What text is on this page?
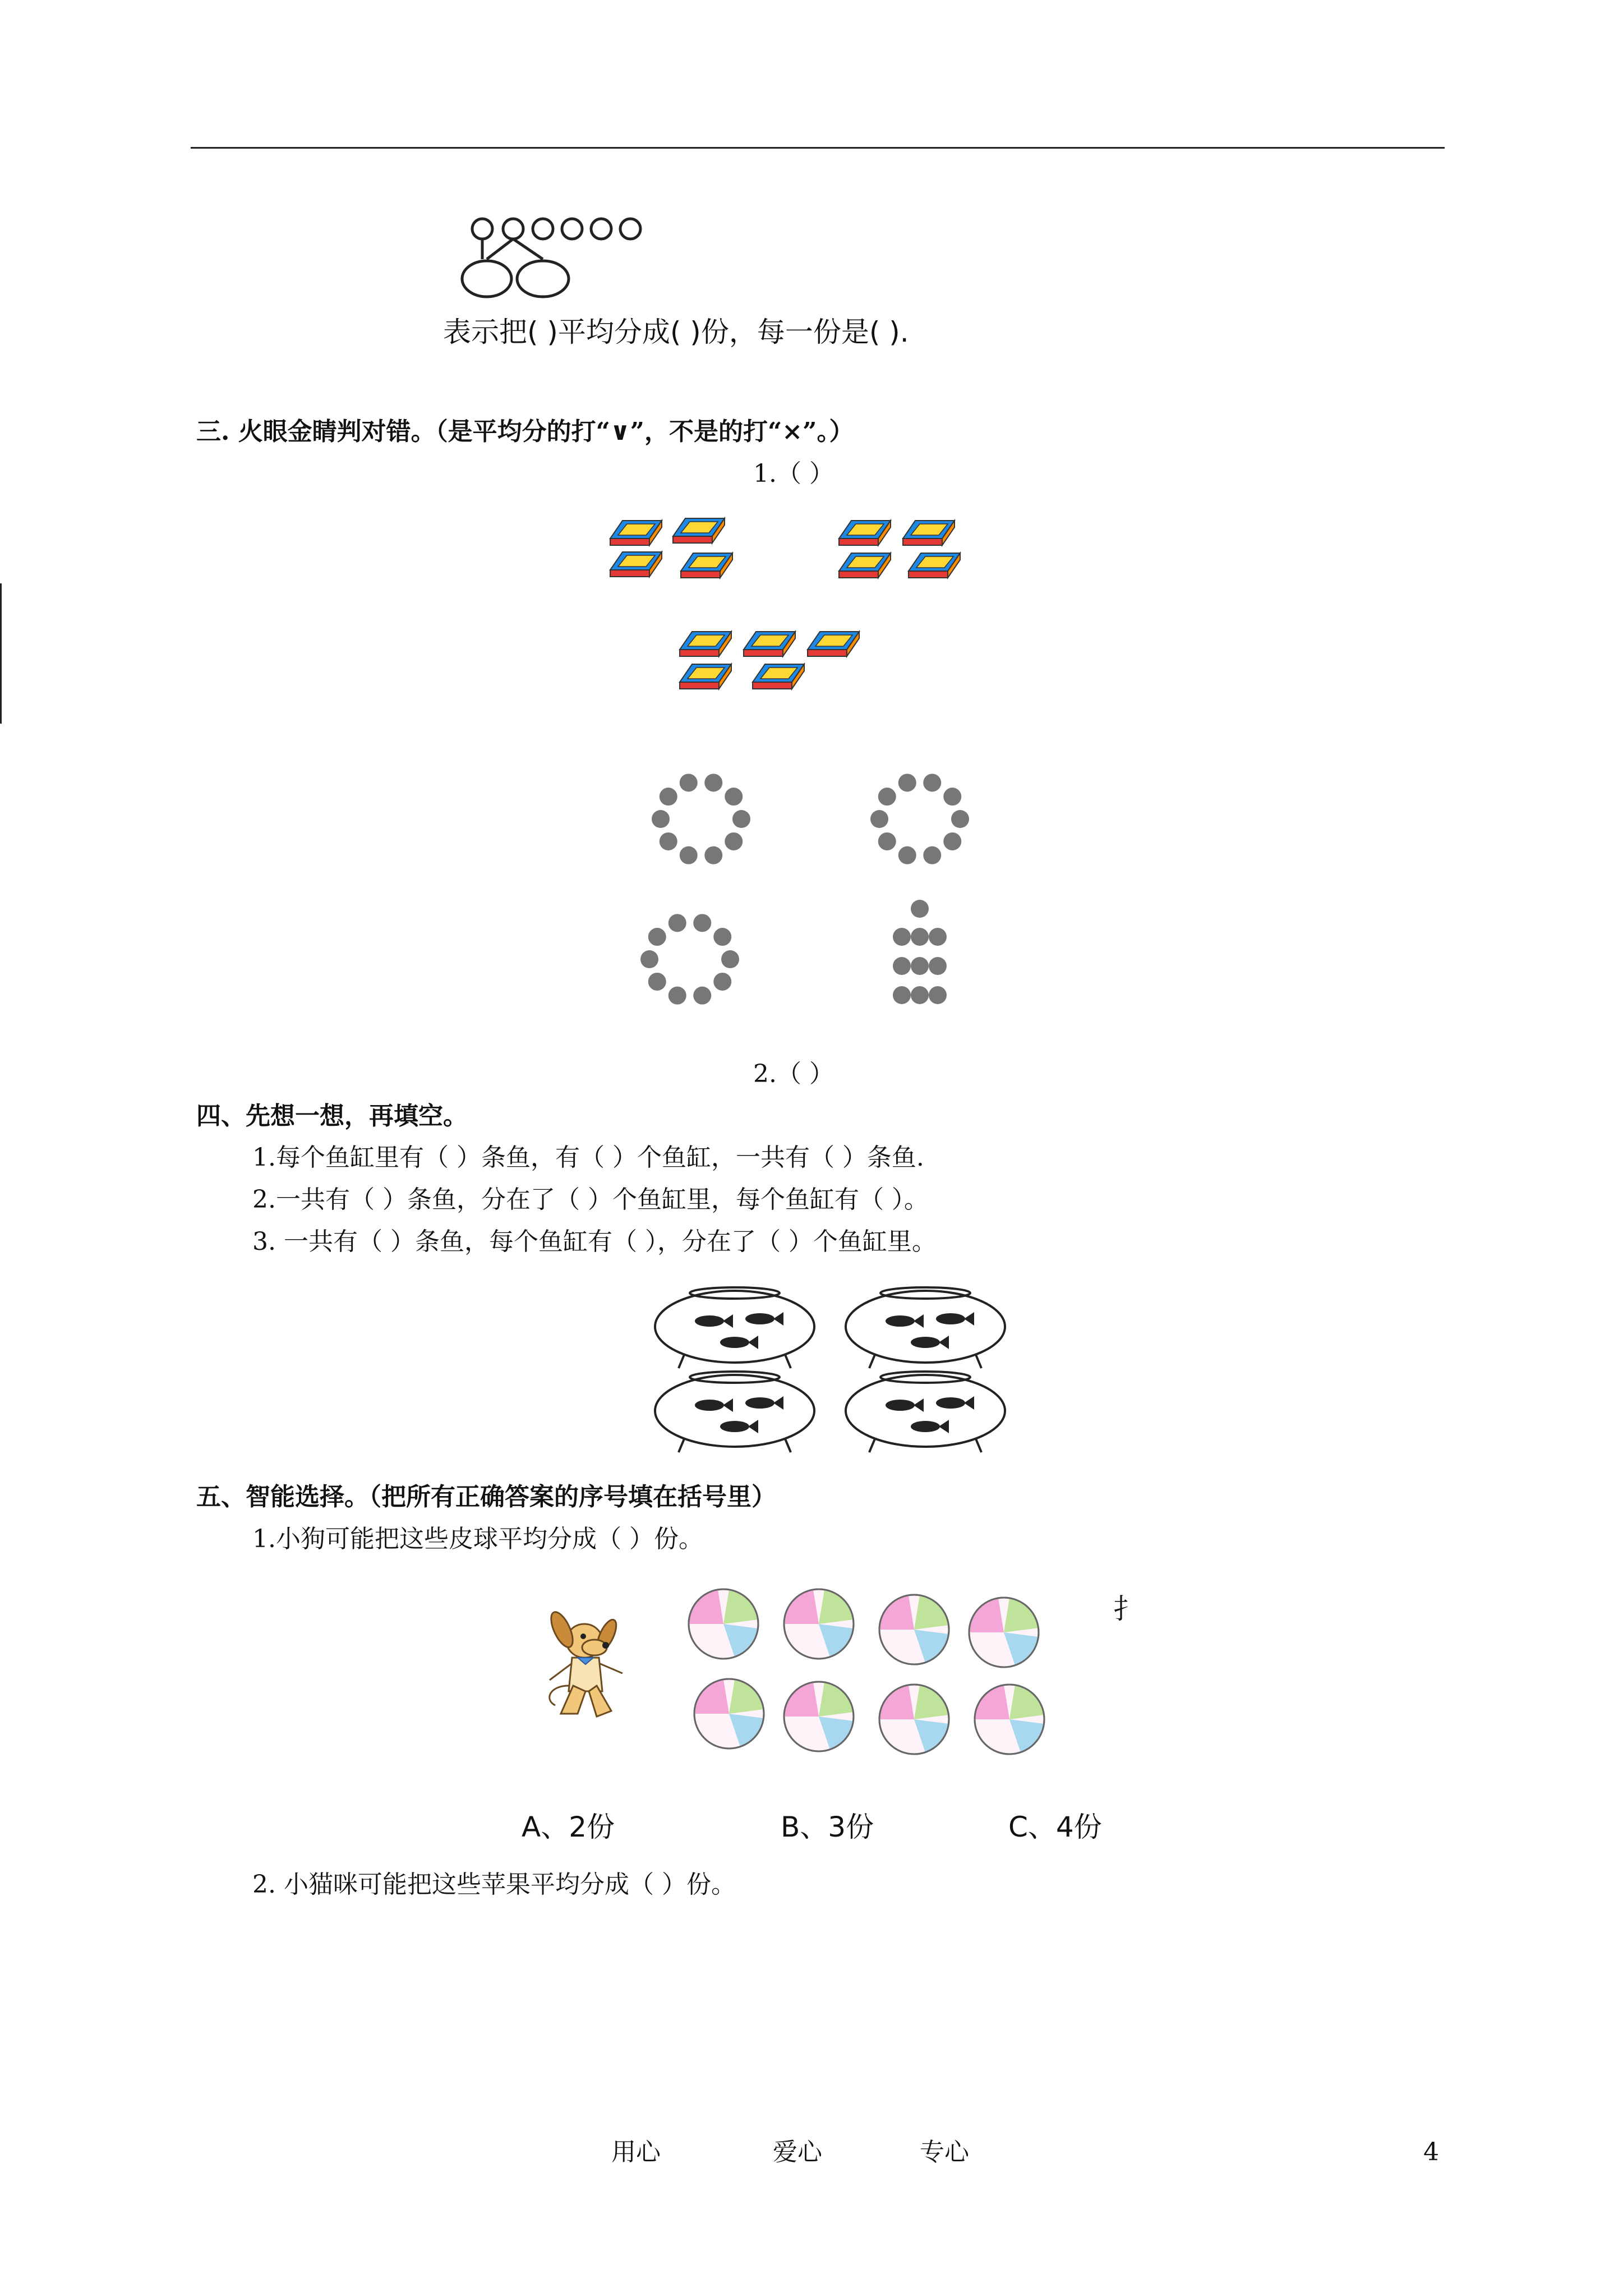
表示把( )平均分成( )份，每一份是( ).
三. 火眼金睛判对错。（是平均分的打“∨”，不是的打“×”。）
1.（ ）
2.（ ）
四、先想一想，再填空。
1.每个鱼缸里有（ ）条鱼，有（ ）个鱼缸，一共有（ ）条鱼.
2.一共有（ ）条鱼，分在了（ ）个鱼缸里，每个鱼缸有（ ）。
3. 一共有（ ）条鱼，每个鱼缸有（ ），分在了（ ）个鱼缸里。
五、智能选择。（把所有正确答案的序号填在括号里）
1.小狗可能把这些皮球平均分成（ ）份。
扌
A、2份	B、3份	C、4份
2. 小猫咪可能把这些苹果平均分成（ ）份。
用心	爱心	专心	4
